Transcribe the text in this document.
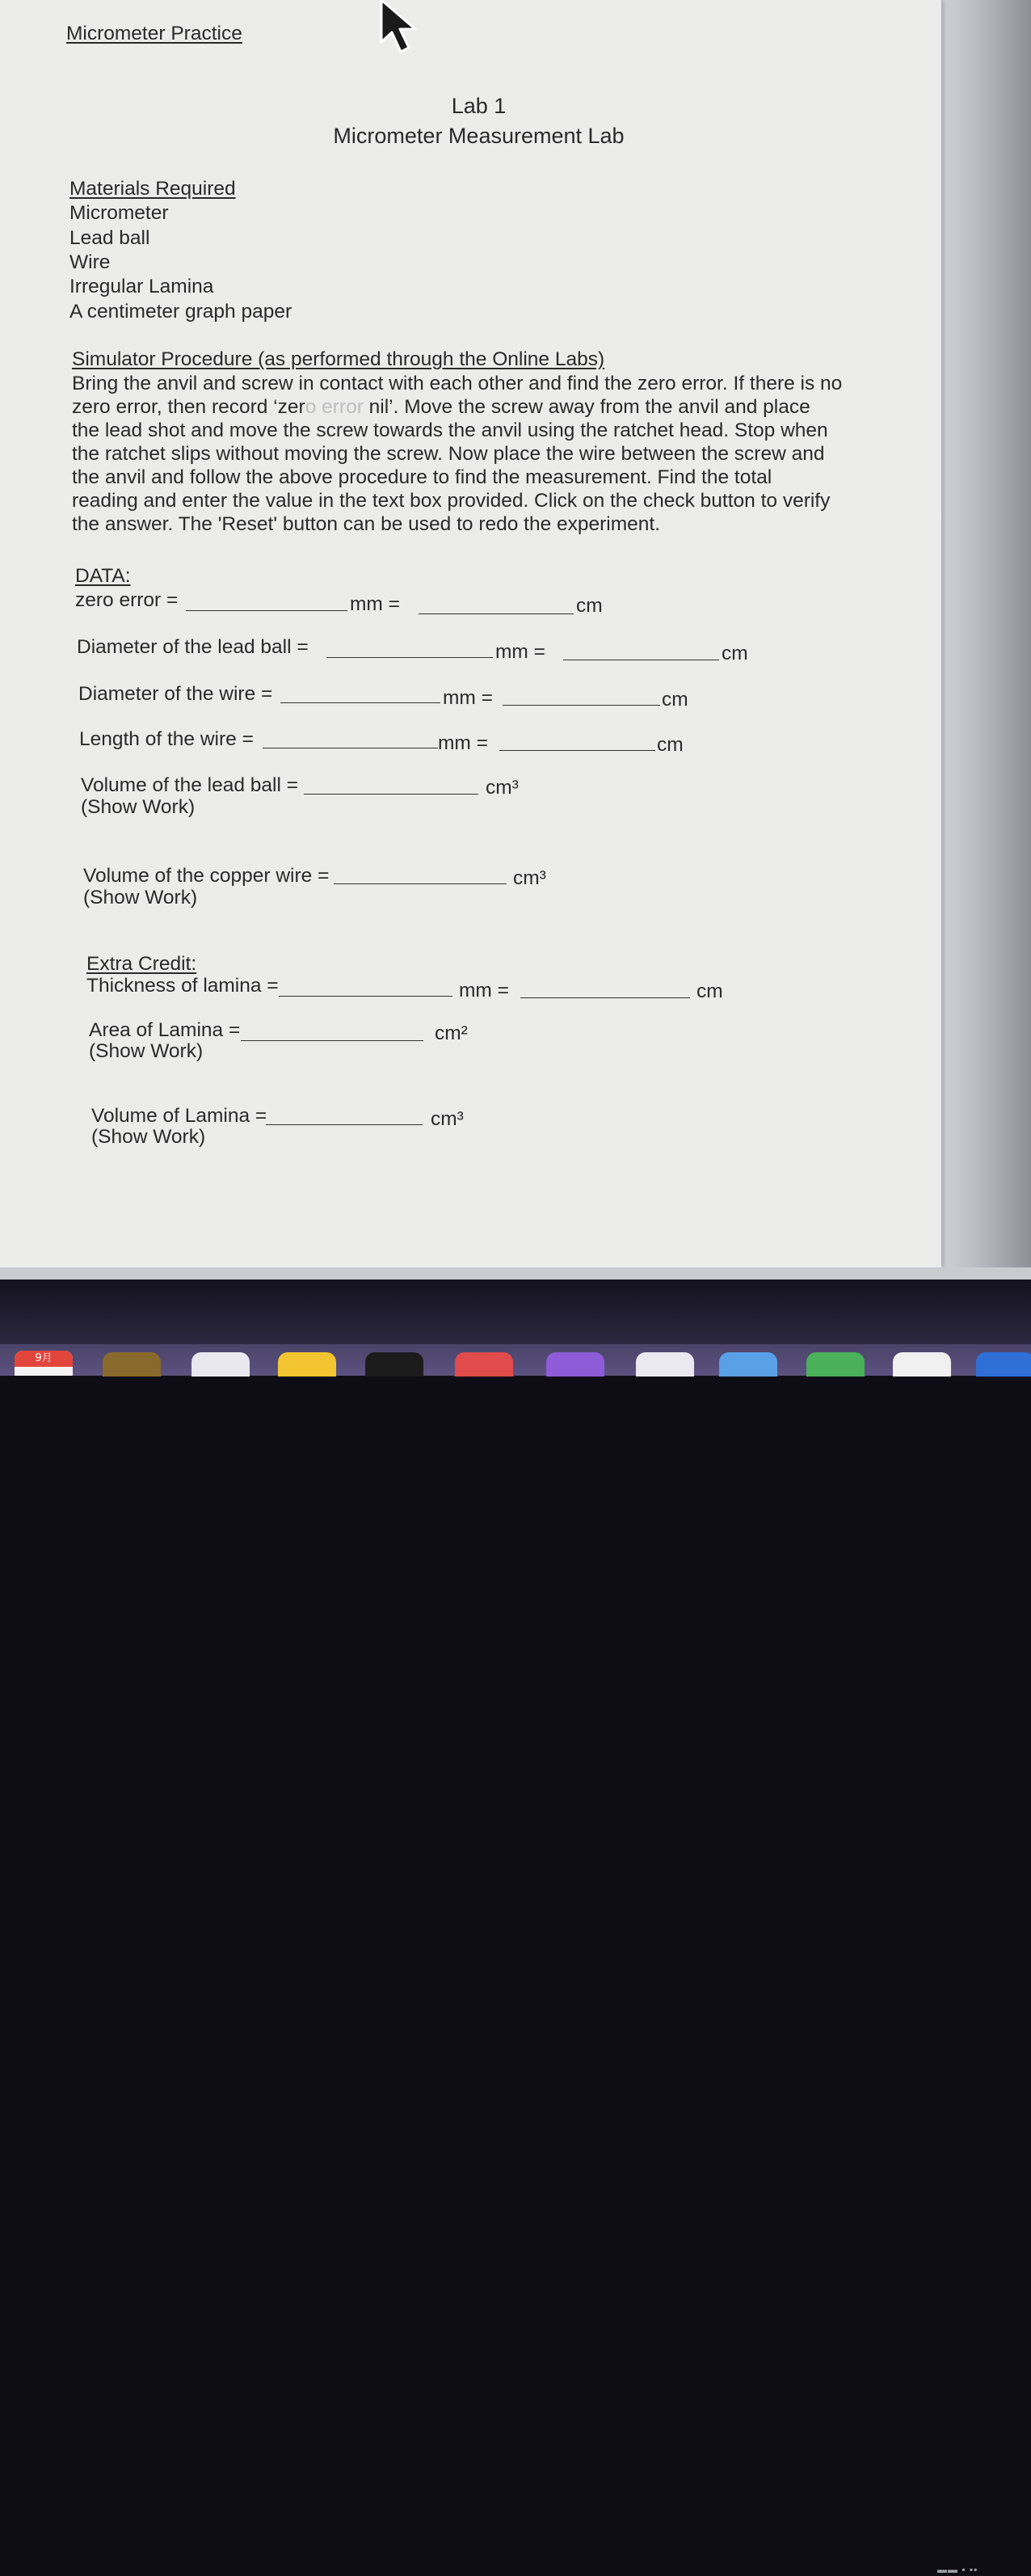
Micrometer Practice

Lab 1

Micrometer Measurement Lab

Materials Required

Micrometer

Lead ball

Wire

Irregular Lamina

A centimeter graph paper

Simulator Procedure (as performed through the Online Labs)

Bring the anvil and screw in contact with each other and find the zero error. If there is no

zero error, then record ‘zero error nil’. Move the screw away from the anvil and place

the lead shot and move the screw towards the anvil using the ratchet head. Stop when

the ratchet slips without moving the screw. Now place the wire between the screw and

the anvil and follow the above procedure to find the measurement. Find the total

reading and enter the value in the text box provided. Click on the check button to verify

the answer. The 'Reset' button can be used to redo the experiment.

DATA:

zero error =	mm =	cm

Diameter of the lead ball =	mm =	cm

Diameter of the wire =	mm =	cm

Length of the wire =	mm =	cm

Volume of the lead ball =	cm³

(Show Work)

Volume of the copper wire =	cm³

(Show Work)

Extra Credit:

Thickness of lamina =	mm =	cm

Area of Lamina =	cm²

(Show Work)

Volume of Lamina =	cm³

(Show Work)

▬▬ ▪ ▪▪
9月
